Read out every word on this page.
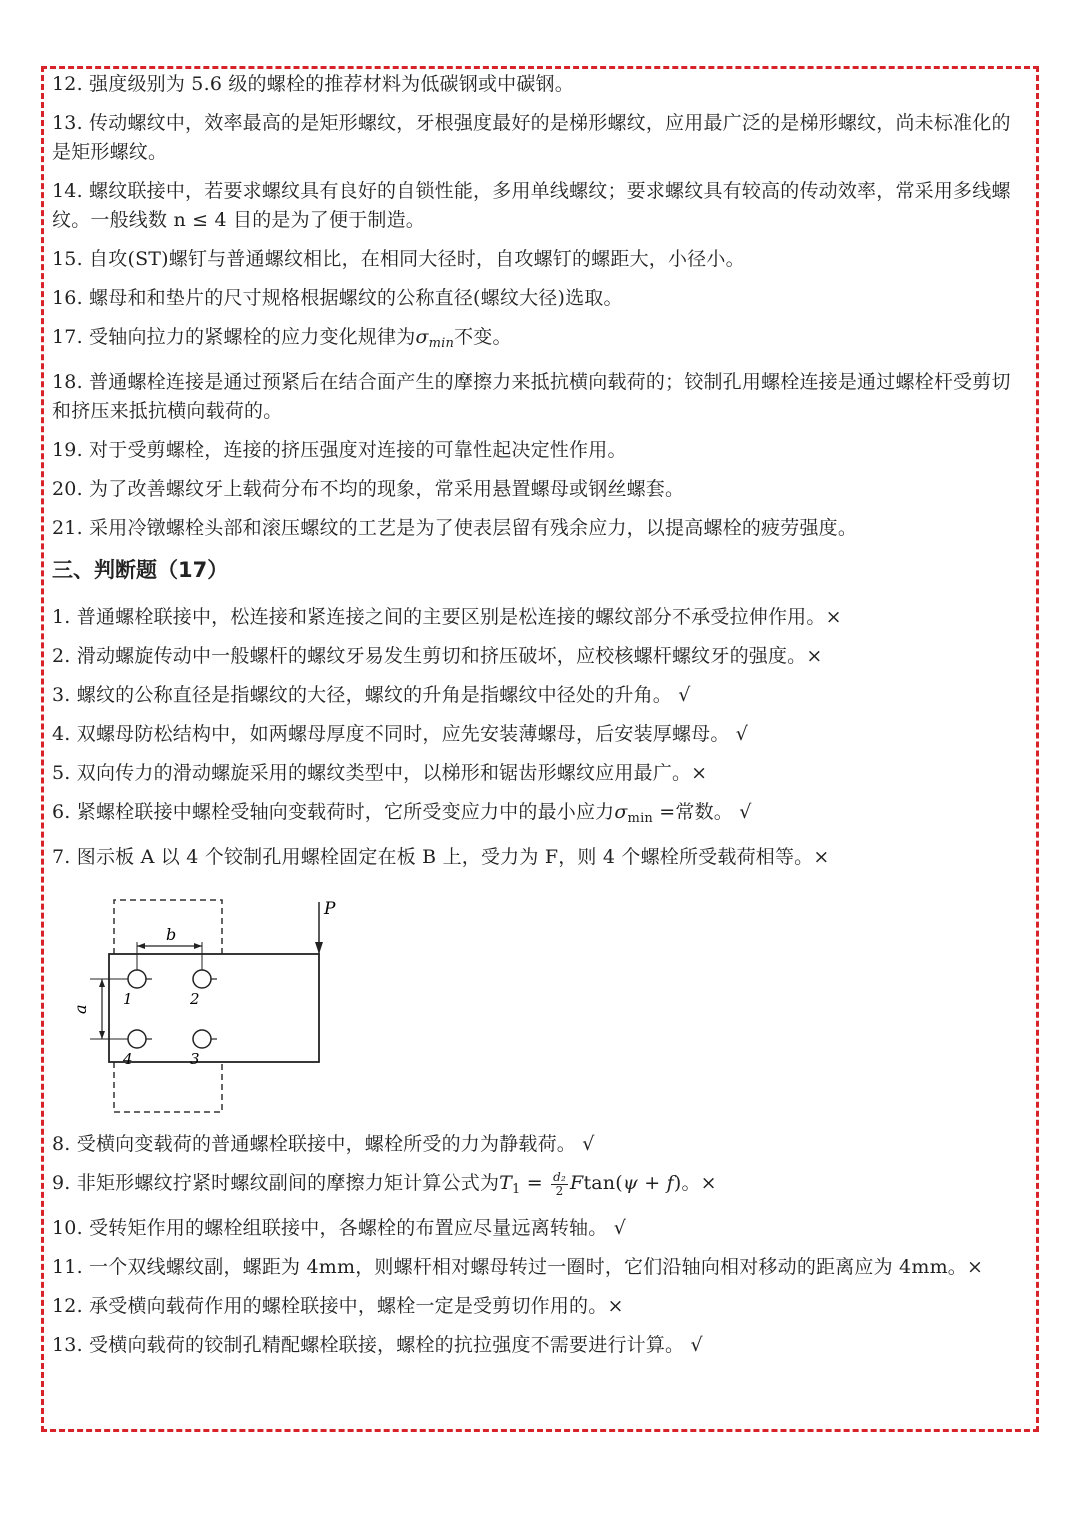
12. 强度级别为 5.6 级的螺栓的推荐材料为低碳钢或中碳钢。

13. 传动螺纹中，效率最高的是矩形螺纹，牙根强度最好的是梯形螺纹，应用最广泛的是梯形螺纹，尚未标准化的是矩形螺纹。

14. 螺纹联接中，若要求螺纹具有良好的自锁性能，多用单线螺纹；要求螺纹具有较高的传动效率，常采用多线螺纹。一般线数 n ≤ 4 目的是为了便于制造。

15. 自攻(ST)螺钉与普通螺纹相比，在相同大径时，自攻螺钉的螺距大，小径小。

16. 螺母和和垫片的尺寸规格根据螺纹的公称直径(螺纹大径)选取。

17. 受轴向拉力的紧螺栓的应力变化规律为$\sigma_{min}$不变。

18. 普通螺栓连接是通过预紧后在结合面产生的摩擦力来抵抗横向载荷的；铰制孔用螺栓连接是通过螺栓杆受剪切和挤压来抵抗横向载荷的。

19. 对于受剪螺栓，连接的挤压强度对连接的可靠性起决定性作用。

20. 为了改善螺纹牙上载荷分布不均的现象，常采用悬置螺母或钢丝螺套。

21. 采用冷镦螺栓头部和滚压螺纹的工艺是为了使表层留有残余应力，以提高螺栓的疲劳强度。

三、判断题（17）

1. 普通螺栓联接中，松连接和紧连接之间的主要区别是松连接的螺纹部分不承受拉伸作用。×

2. 滑动螺旋传动中一般螺杆的螺纹牙易发生剪切和挤压破坏，应校核螺杆螺纹牙的强度。×

3. 螺纹的公称直径是指螺纹的大径，螺纹的升角是指螺纹中径处的升角。 √

4. 双螺母防松结构中，如两螺母厚度不同时，应先安装薄螺母，后安装厚螺母。 √

5. 双向传力的滑动螺旋采用的螺纹类型中，以梯形和锯齿形螺纹应用最广。×

6. 紧螺栓联接中螺栓受轴向变载荷时，它所受变应力中的最小应力$\sigma_{min}$ =常数。 √

7. 图示板 A 以 4 个铰制孔用螺栓固定在板 B 上，受力为 F，则 4 个螺栓所受载荷相等。×

b
a
P
1	2
3
4

8. 受横向变载荷的普通螺栓联接中，螺栓所受的力为静载荷。 √

9. 非矩形螺纹拧紧时螺纹副间的摩擦力矩计算公式为$T_1 = \frac{\text{d₂}}{2} Ftan(\psi + f)$。×

10. 受转矩作用的螺栓组联接中，各螺栓的布置应尽量远离转轴。 √

11. 一个双线螺纹副，螺距为 4mm，则螺杆相对螺母转过一圈时，它们沿轴向相对移动的距离应为 4mm。×

12. 承受横向载荷作用的螺栓联接中，螺栓一定是受剪切作用的。×

13. 受横向载荷的铰制孔精配螺栓联接，螺栓的抗拉强度不需要进行计算。 √
